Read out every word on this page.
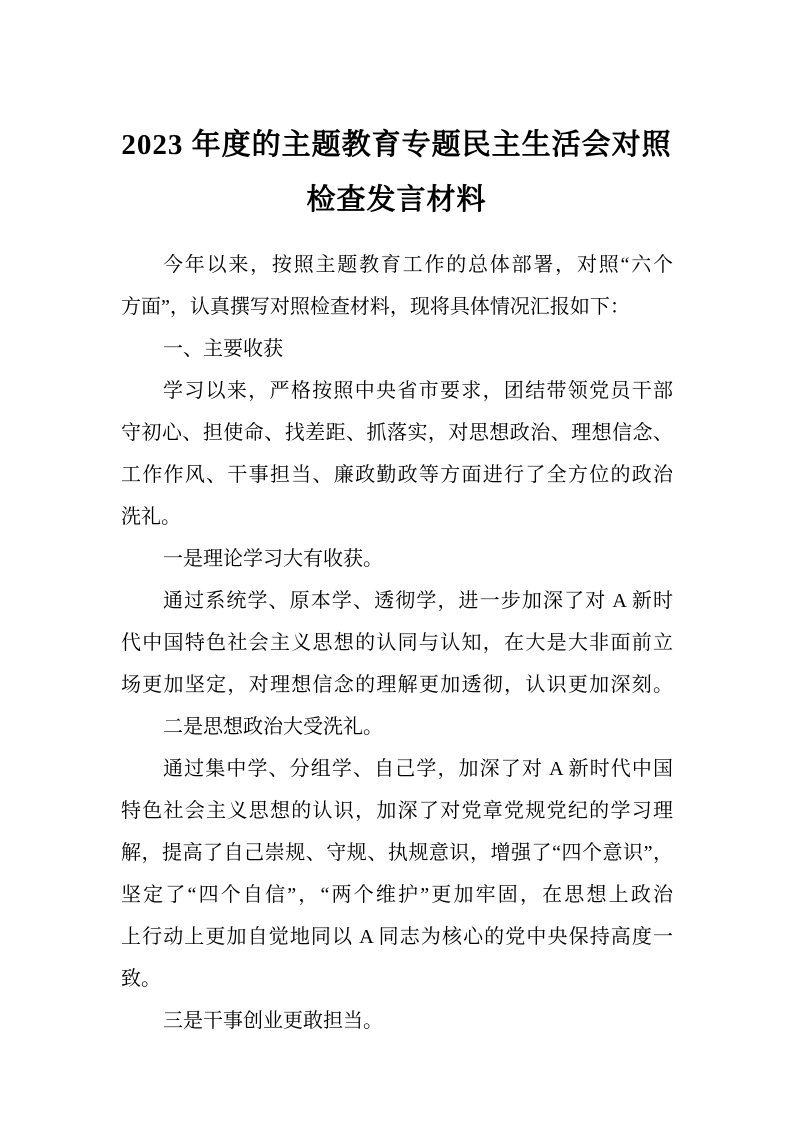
2023 年度的主题教育专题民主生活会对照
检查发言材料
今年以来，按照主题教育工作的总体部署，对照“六个
方面”，认真撰写对照检查材料，现将具体情况汇报如下：
一、主要收获
学习以来，严格按照中央省市要求，团结带领党员干部
守初心、担使命、找差距、抓落实，对思想政治、理想信念、
工作作风、干事担当、廉政勤政等方面进行了全方位的政治
洗礼。
一是理论学习大有收获。
通过系统学、原本学、透彻学，进一步加深了对 A 新时
代中国特色社会主义思想的认同与认知，在大是大非面前立
场更加坚定，对理想信念的理解更加透彻，认识更加深刻。
二是思想政治大受洗礼。
通过集中学、分组学、自己学，加深了对 A 新时代中国
特色社会主义思想的认识，加深了对党章党规党纪的学习理
解，提高了自己崇规、守规、执规意识，增强了“四个意识”，
坚定了“四个自信”，“两个维护”更加牢固，在思想上政治
上行动上更加自觉地同以 A 同志为核心的党中央保持高度一
致。
三是干事创业更敢担当。
